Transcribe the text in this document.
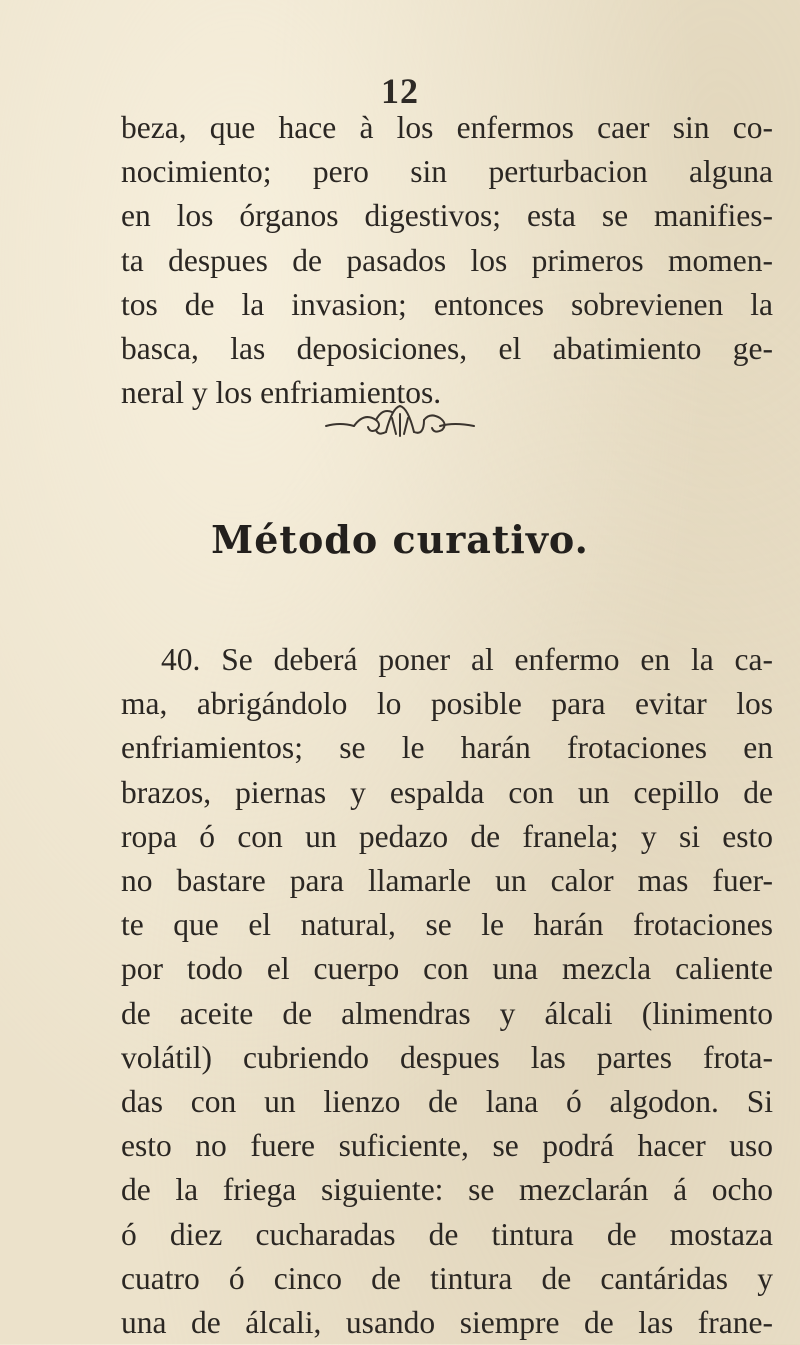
12
beza, que hace à los enfermos caer sin co-
nocimiento; pero sin perturbacion alguna
en los órganos digestivos; esta se manifies-
ta despues de pasados los primeros momen-
tos de la invasion; entonces sobrevienen la
basca, las deposiciones, el abatimiento ge-
neral y los enfriamientos.
Método curativo.
40. Se deberá poner al enfermo en la ca-
ma, abrigándolo lo posible para evitar los
enfriamientos; se le harán frotaciones en
brazos, piernas y espalda con un cepillo de
ropa ó con un pedazo de franela; y si esto
no bastare para llamarle un calor mas fuer-
te que el natural, se le harán frotaciones
por todo el cuerpo con una mezcla caliente
de aceite de almendras y álcali (linimento
volátil) cubriendo despues las partes frota-
das con un lienzo de lana ó algodon. Si
esto no fuere suficiente, se podrá hacer uso
de la friega siguiente: se mezclarán á ocho
ó diez cucharadas de tintura de mostaza
cuatro ó cinco de tintura de cantáridas y
una de álcali, usando siempre de las frane-
